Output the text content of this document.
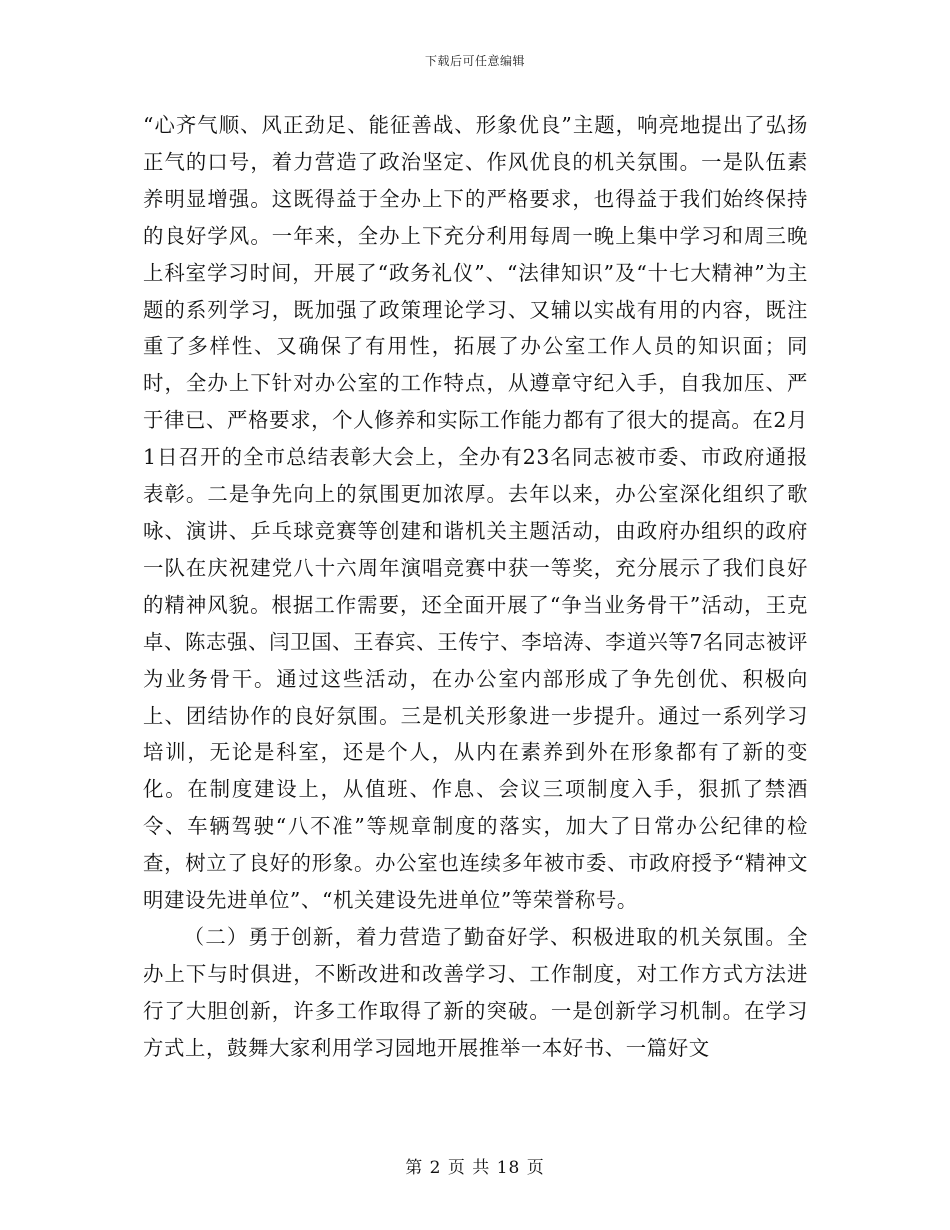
下载后可任意编辑

“心齐气顺、风正劲足、能征善战、形象优良”主题，响亮地提出了弘扬正气的口号，着力营造了政治坚定、作风优良的机关氛围。一是队伍素养明显增强。这既得益于全办上下的严格要求，也得益于我们始终保持的良好学风。一年来，全办上下充分利用每周一晚上集中学习和周三晚上科室学习时间，开展了“政务礼仪”、“法律知识”及“十七大精神”为主题的系列学习，既加强了政策理论学习、又辅以实战有用的内容，既注重了多样性、又确保了有用性，拓展了办公室工作人员的知识面；同时，全办上下针对办公室的工作特点，从遵章守纪入手，自我加压、严于律已、严格要求，个人修养和实际工作能力都有了很大的提高。在2月1日召开的全市总结表彰大会上，全办有23名同志被市委、市政府通报表彰。二是争先向上的氛围更加浓厚。去年以来，办公室深化组织了歌咏、演讲、乒乓球竞赛等创建和谐机关主题活动，由政府办组织的政府一队在庆祝建党八十六周年演唱竞赛中获一等奖，充分展示了我们良好的精神风貌。根据工作需要，还全面开展了“争当业务骨干”活动，王克卓、陈志强、闫卫国、王春宾、王传宁、李培涛、李道兴等7名同志被评为业务骨干。通过这些活动，在办公室内部形成了争先创优、积极向上、团结协作的良好氛围。三是机关形象进一步提升。通过一系列学习培训，无论是科室，还是个人，从内在素养到外在形象都有了新的变化。在制度建设上，从值班、作息、会议三项制度入手，狠抓了禁酒令、车辆驾驶“八不准”等规章制度的落实，加大了日常办公纪律的检查，树立了良好的形象。办公室也连续多年被市委、市政府授予“精神文明建设先进单位”、“机关建设先进单位”等荣誉称号。

（二）勇于创新，着力营造了勤奋好学、积极进取的机关氛围。全办上下与时俱进，不断改进和改善学习、工作制度，对工作方式方法进行了大胆创新，许多工作取得了新的突破。一是创新学习机制。在学习方式上，鼓舞大家利用学习园地开展推举一本好书、一篇好文

第 2 页 共 18 页
